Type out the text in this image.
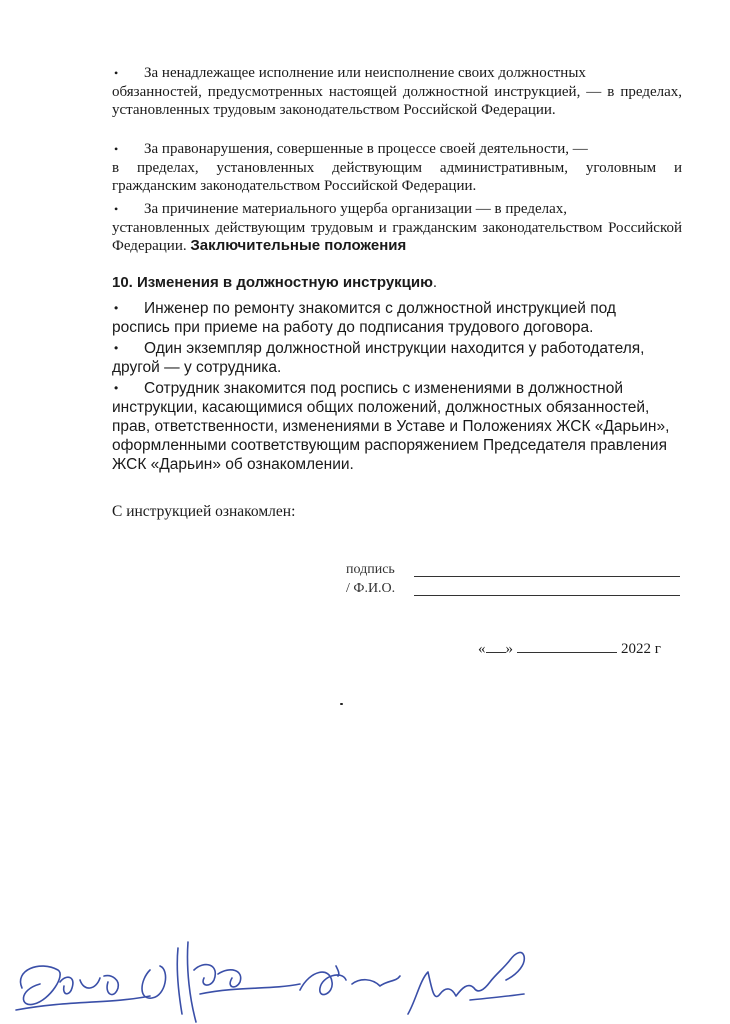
•	За ненадлежащее исполнение или неисполнение своих должностных
обязанностей, предусмотренных настоящей должностной инструкцией, — в пределах, установленных трудовым законодательством Российской Федерации.
•	За правонарушения, совершенные в процессе своей деятельности, —
в пределах, установленных действующим административным, уголовным и гражданским законодательством Российской Федерации.
•	За причинение материального ущерба организации — в пределах,
установленных действующим трудовым и гражданским законодательством Российской Федерации. Заключительные положения
10. Изменения в должностную инструкцию.
•	Инженер по ремонту знакомится с должностной инструкцией под роспись при приеме на работу до подписания трудового договора.
•	Один экземпляр должностной инструкции находится у работодателя, другой — у сотрудника.
•	Сотрудник знакомится под роспись с изменениями в должностной инструкции, касающимися общих положений, должностных обязанностей, прав, ответственности, изменениями в Уставе и Положениях ЖСК «Дарьин», оформленными соответствующим распоряжением Председателя правления ЖСК «Дарьин» об ознакомлении.
С инструкцией ознакомлен:
подпись
/ Ф.И.О.
« »	2022 г
